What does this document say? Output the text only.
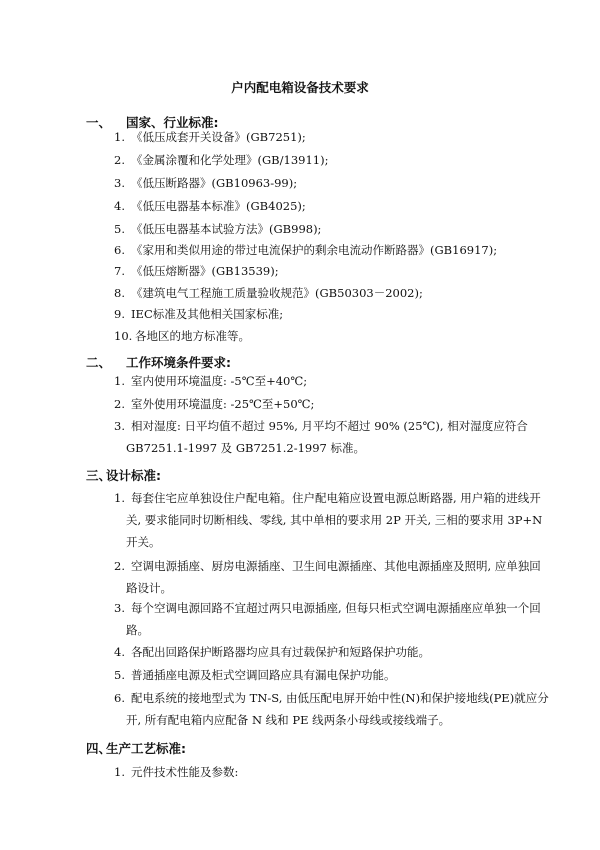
户内配电箱设备技术要求
一、 国家、行业标准:
1. 《低压成套开关设备》(GB7251);
2. 《金属涂覆和化学处理》(GB/13911);
3. 《低压断路器》(GB10963-99);
4. 《低压电器基本标准》(GB4025);
5. 《低压电器基本试验方法》(GB998);
6. 《家用和类似用途的带过电流保护的剩余电流动作断路器》(GB16917);
7. 《低压熔断器》(GB13539);
8. 《建筑电气工程施工质量验收规范》(GB50303－2002);
9. IEC标准及其他相关国家标准;
10. 各地区的地方标准等。
二、 工作环境条件要求:
1. 室内使用环境温度: -5℃至+40℃;
2. 室外使用环境温度: -25℃至+50℃;
3. 相对湿度: 日平均值不超过 95%, 月平均不超过 90% (25℃), 相对湿度应符合
GB7251.1-1997 及 GB7251.2-1997 标准。
三、设计标准:
1. 每套住宅应单独设住户配电箱。住户配电箱应设置电源总断路器, 用户箱的进线开
关, 要求能同时切断相线、零线, 其中单相的要求用 2P 开关, 三相的要求用 3P+N
开关。
2. 空调电源插座、厨房电源插座、卫生间电源插座、其他电源插座及照明, 应单独回
路设计。
3. 每个空调电源回路不宜超过两只电源插座, 但每只柜式空调电源插座应单独一个回
路。
4. 各配出回路保护断路器均应具有过载保护和短路保护功能。
5. 普通插座电源及柜式空调回路应具有漏电保护功能。
6. 配电系统的接地型式为 TN-S, 由低压配电屏开始中性(N)和保护接地线(PE)就应分
开, 所有配电箱内应配备 N 线和 PE 线两条小母线或接线端子。
四、生产工艺标准:
1. 元件技术性能及参数:
